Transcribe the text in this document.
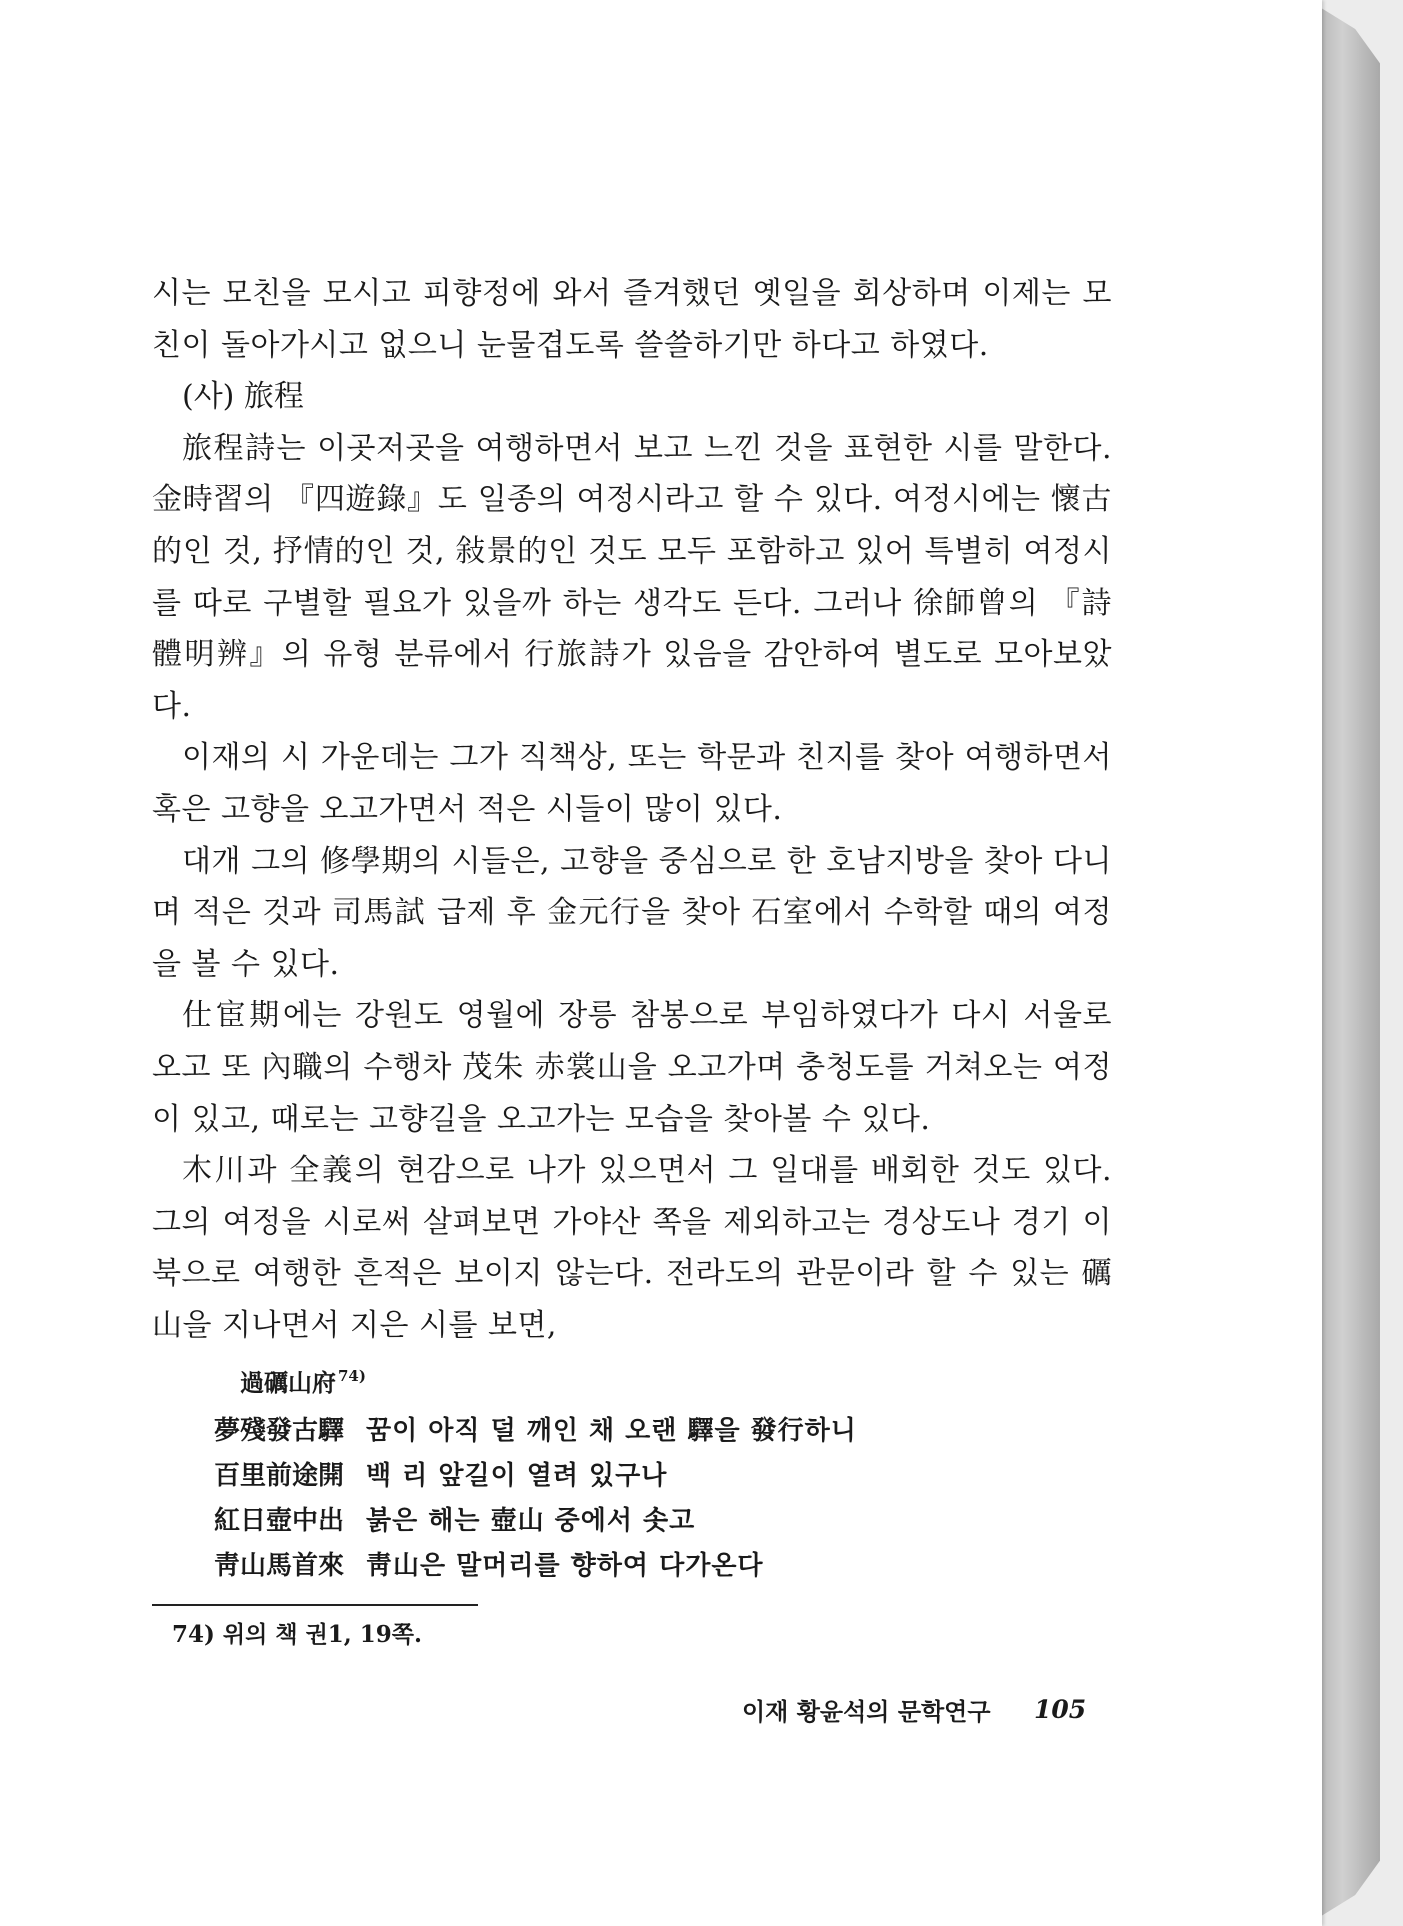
시는 모친을 모시고 피향정에 와서 즐겨했던 옛일을 회상하며 이제는 모친이 돌아가시고 없으니 눈물겹도록 쓸쓸하기만 하다고 하였다.

(사) 旅程

旅程詩는 이곳저곳을 여행하면서 보고 느낀 것을 표현한 시를 말한다. 金時習의 『四遊錄』도 일종의 여정시라고 할 수 있다. 여정시에는 懷古的인 것, 抒情的인 것, 敍景的인 것도 모두 포함하고 있어 특별히 여정시를 따로 구별할 필요가 있을까 하는 생각도 든다. 그러나 徐師曾의 『詩體明辨』의 유형 분류에서 行旅詩가 있음을 감안하여 별도로 모아보았다.

이재의 시 가운데는 그가 직책상, 또는 학문과 친지를 찾아 여행하면서 혹은 고향을 오고가면서 적은 시들이 많이 있다.

대개 그의 修學期의 시들은, 고향을 중심으로 한 호남지방을 찾아 다니며 적은 것과 司馬試 급제 후 金元行을 찾아 石室에서 수학할 때의 여정을 볼 수 있다.

仕宦期에는 강원도 영월에 장릉 참봉으로 부임하였다가 다시 서울로 오고 또 內職의 수행차 茂朱 赤裳山을 오고가며 충청도를 거쳐오는 여정이 있고, 때로는 고향길을 오고가는 모습을 찾아볼 수 있다.

木川과 全義의 현감으로 나가 있으면서 그 일대를 배회한 것도 있다. 그의 여정을 시로써 살펴보면 가야산 쪽을 제외하고는 경상도나 경기 이북으로 여행한 흔적은 보이지 않는다. 전라도의 관문이라 할 수 있는 礪山을 지나면서 지은 시를 보면,

過礪山府 $^{74)}$

夢殘發古驛 꿈이 아직 덜 깨인 채 오랜 驛을 發行하니
百里前途開 백 리 앞길이 열려 있구나
紅日壺中出 붉은 해는 壺山 중에서 솟고
靑山馬首來 靑山은 말머리를 향하여 다가온다

74) 위의 책 권1, 19쪽.

이재 황윤석의 문학연구 105
